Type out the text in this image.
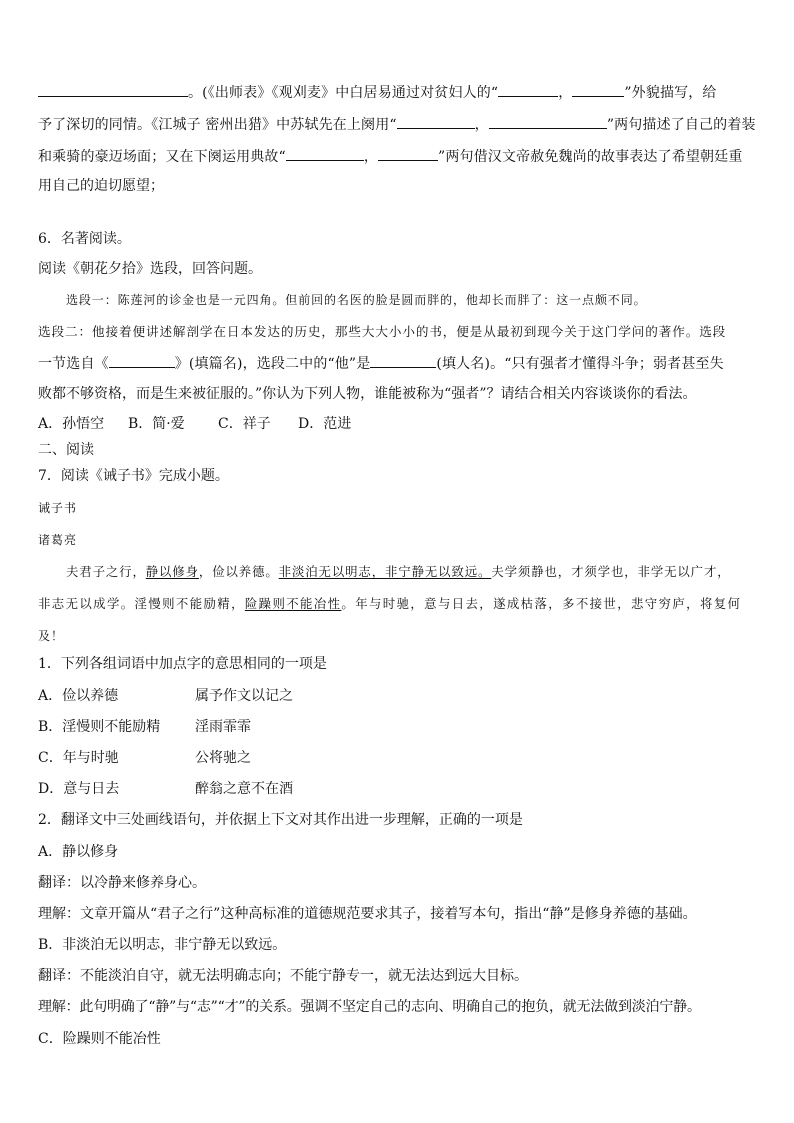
。(《出师表》《观刈麦》中白居易通过对贫妇人的“	，	”外貌描写，给
予了深切的同情。《江城子 密州出猎》中苏轼先在上阕用“	，	”两句描述了自己的着装
和乘骑的豪迈场面；又在下阕运用典故“	，	”两句借汉文帝赦免魏尚的故事表达了希望朝廷重
用自己的迫切愿望；
6．名著阅读。
阅读《朝花夕拾》选段，回答问题。
选段一：陈莲河的诊金也是一元四角。但前回的名医的脸是圆而胖的，他却长而胖了：这一点颇不同。
选段二：他接着便讲述解剖学在日本发达的历史，那些大大小小的书，便是从最初到现今关于这门学问的著作。选段
一节选自《	》(填篇名)，选段二中的“他”是	(填人名)。“只有强者才懂得斗争；弱者甚至失
败都不够资格，而是生来被征服的。”你认为下列人物，谁能被称为“强者”？请结合相关内容谈谈你的看法。
A．孙悟空 B．简·爱 C．祥子 D．范进
二、阅读
7．阅读《诫子书》完成小题。
诫子书
诸葛亮
夫君子之行，静以修身，俭以养德。非淡泊无以明志，非宁静无以致远。夫学须静也，才须学也，非学无以广才，
非志无以成学。淫慢则不能励精，险躁则不能冶性。年与时驰，意与日去，遂成枯落，多不接世，悲守穷庐，将复何
及！
1．下列各组词语中加点字的意思相同的一项是
A．俭以养德	属予作文以记之
B．淫慢则不能励精 淫雨霏霏
C．年与时驰	公将驰之
D．意与日去	醉翁之意不在酒
2．翻译文中三处画线语句，并依据上下文对其作出进一步理解，正确的一项是
A．静以修身
翻译：以冷静来修养身心。
理解：文章开篇从“君子之行”这种高标准的道德规范要求其子，接着写本句，指出“静”是修身养德的基础。
B．非淡泊无以明志，非宁静无以致远。
翻译：不能淡泊自守，就无法明确志向；不能宁静专一，就无法达到远大目标。
理解：此句明确了“静”与“志”“才”的关系。强调不坚定自己的志向、明确自己的抱负，就无法做到淡泊宁静。
C．险躁则不能冶性
